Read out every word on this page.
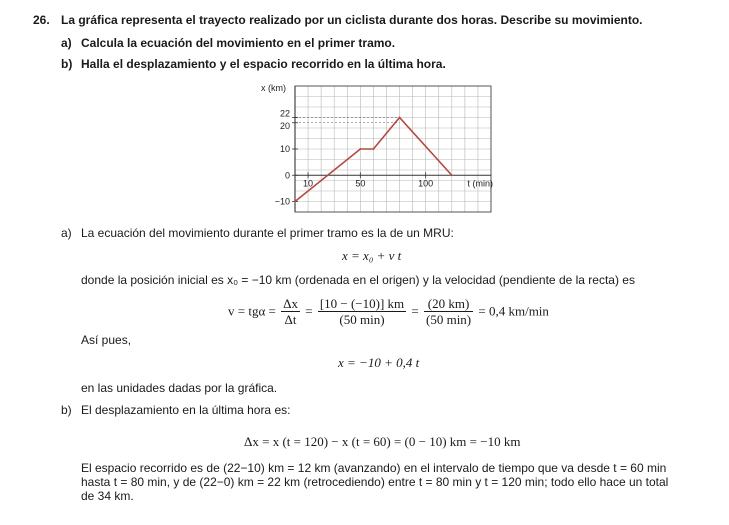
26. La gráfica representa el trayecto realizado por un ciclista durante dos horas. Describe su movimiento.
a) Calcula la ecuación del movimiento en el primer tramo.
b) Halla el desplazamiento y el espacio recorrido en la última hora.
10	50	100
−10
0
10
20
22
x (km)
t (min)
a) La ecuación del movimiento durante el primer tramo es la de un MRU:
x = x₀ + v t
donde la posición inicial es x₀ = −10 km (ordenada en el origen) y la velocidad (pendiente de la recta) es
$v = tg\alpha = \frac{\Delta x}{\Delta t} = \frac{[10 - (-10)] km}{(50 \min)} = \frac{(20 km)}{(50 \min)} = 0,4$ km/min
Así pues,
x = −10 + 0,4 t
en las unidades dadas por la gráfica.
b) El desplazamiento en la última hora es:
Δx = x (t = 120) − x (t = 60) = (0 − 10) km = −10 km
El espacio recorrido es de (22−10) km = 12 km (avanzando) en el intervalo de tiempo que va desde t = 60 min
hasta t = 80 min, y de (22−0) km = 22 km (retrocediendo) entre t = 80 min y t = 120 min; todo ello hace un total
de 34 km.
